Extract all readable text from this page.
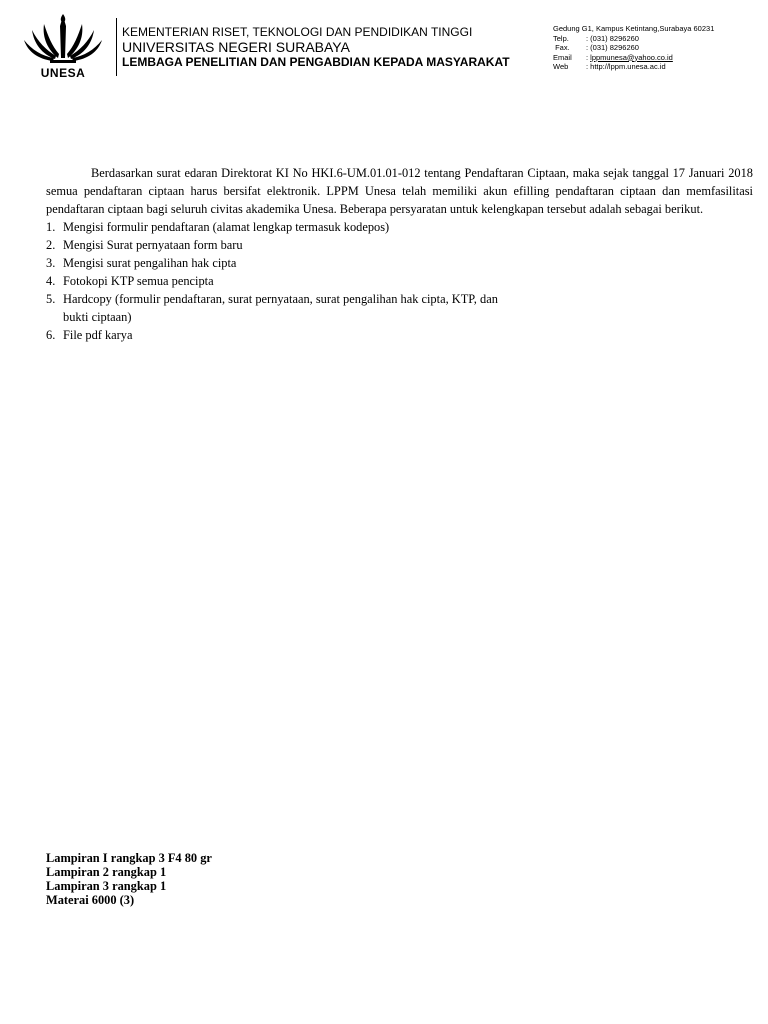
UNESA
KEMENTERIAN RISET, TEKNOLOGI DAN PENDIDIKAN TINGGI
UNIVERSITAS NEGERI SURABAYA
LEMBAGA PENELITIAN DAN PENGABDIAN KEPADA MASYARAKAT
Gedung G1, Kampus Ketintang,Surabaya 60231
Telp.	: (031) 8296260
Fax.	: (031) 8296260
Email	: lppmunesa@yahoo.co.id
Web	: http://lppm.unesa.ac.id

Berdasarkan surat edaran Direktorat KI No HKI.6-UM.01.01-012 tentang Pendaftaran Ciptaan, maka sejak tanggal 17 Januari 2018 semua pendaftaran ciptaan harus bersifat elektronik. LPPM Unesa telah memiliki akun efilling pendaftaran ciptaan dan memfasilitasi pendaftaran ciptaan bagi seluruh civitas akademika Unesa. Beberapa persyaratan untuk kelengkapan tersebut adalah sebagai berikut.

1. Mengisi formulir pendaftaran (alamat lengkap termasuk kodepos)
2. Mengisi Surat pernyataan form baru
3. Mengisi surat pengalihan hak cipta
4. Fotokopi KTP semua pencipta
5. Hardcopy (formulir pendaftaran, surat pernyataan, surat pengalihan hak cipta, KTP, dan
bukti ciptaan)
6. File pdf karya
Lampiran I rangkap 3 F4 80 gr
Lampiran 2 rangkap 1
Lampiran 3 rangkap 1
Materai 6000 (3)
